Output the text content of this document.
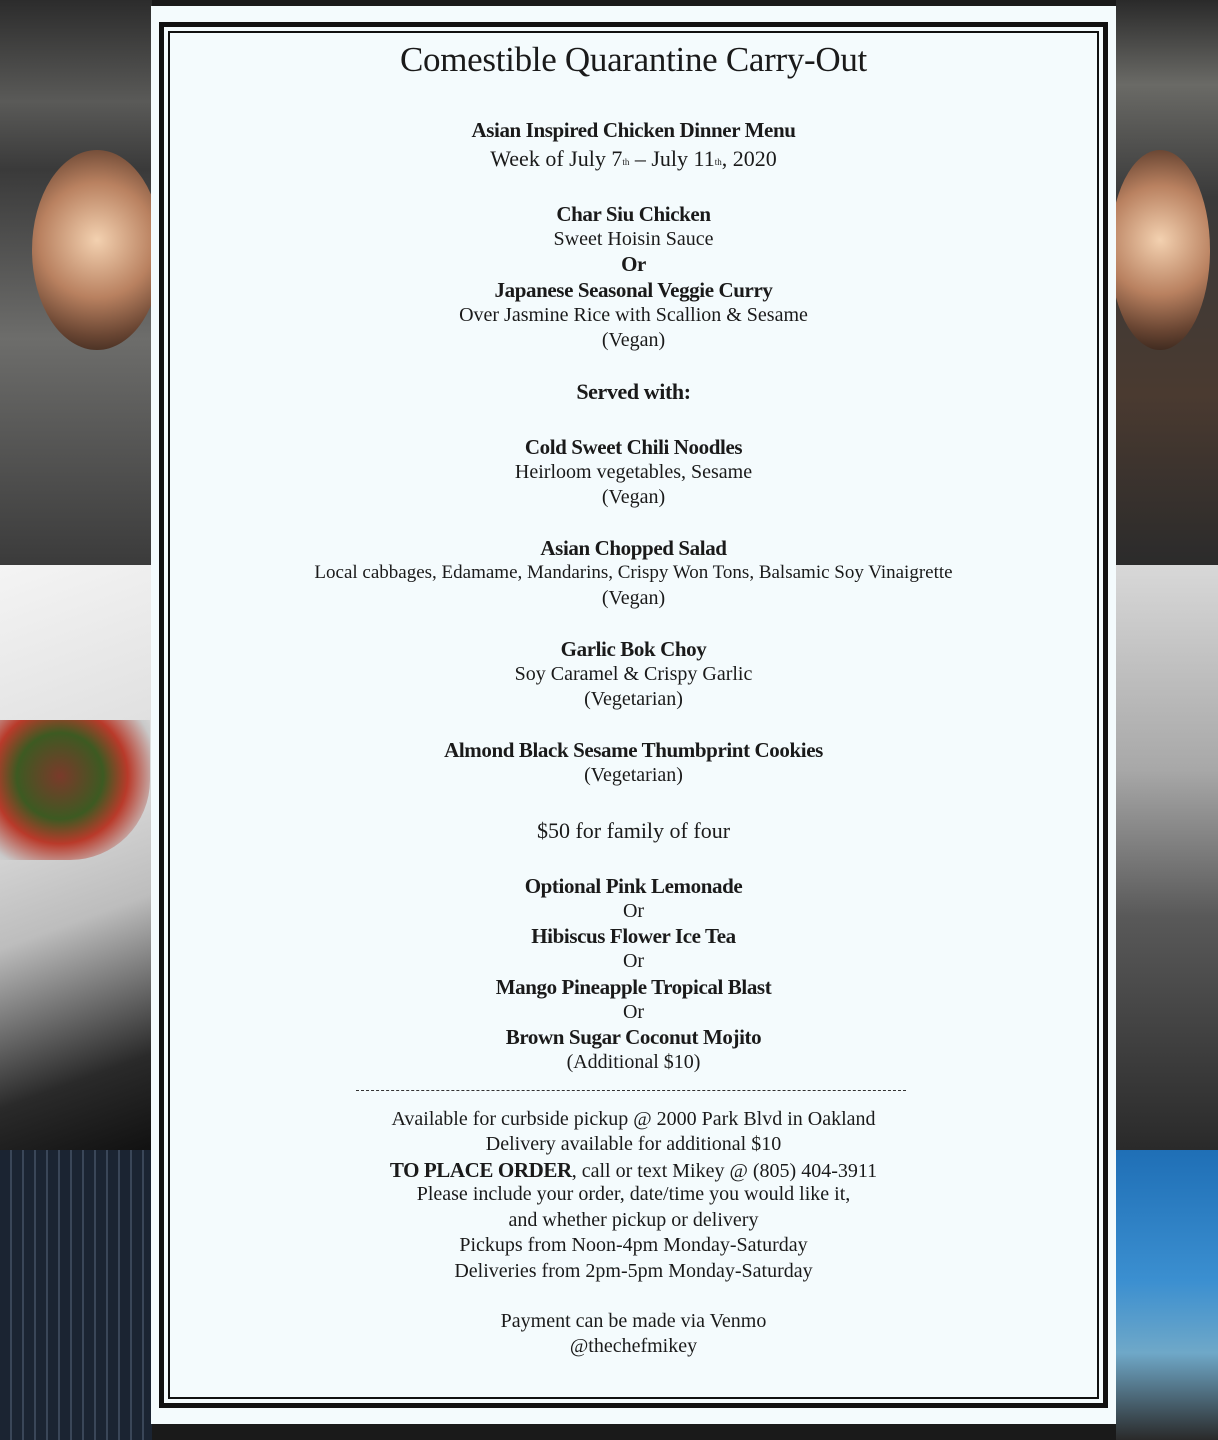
Comestible Quarantine Carry-Out
Asian Inspired Chicken Dinner Menu
Week of July 7th – July 11th, 2020
Char Siu Chicken
Sweet Hoisin Sauce
Or
Japanese Seasonal Veggie Curry
Over Jasmine Rice with Scallion & Sesame
(Vegan)
Served with:
Cold Sweet Chili Noodles
Heirloom vegetables, Sesame
(Vegan)
Asian Chopped Salad
Local cabbages, Edamame, Mandarins, Crispy Won Tons, Balsamic Soy Vinaigrette
(Vegan)
Garlic Bok Choy
Soy Caramel & Crispy Garlic
(Vegetarian)
Almond Black Sesame Thumbprint Cookies
(Vegetarian)
$50 for family of four
Optional Pink Lemonade
Or
Hibiscus Flower Ice Tea
Or
Mango Pineapple Tropical Blast
Or
Brown Sugar Coconut Mojito
(Additional $10)
Available for curbside pickup @ 2000 Park Blvd in Oakland
Delivery available for additional $10
TO PLACE ORDER, call or text Mikey @ (805) 404-3911
Please include your order, date/time you would like it,
and whether pickup or delivery
Pickups from Noon-4pm Monday-Saturday
Deliveries from 2pm-5pm Monday-Saturday
Payment can be made via Venmo
@thechefmikey
